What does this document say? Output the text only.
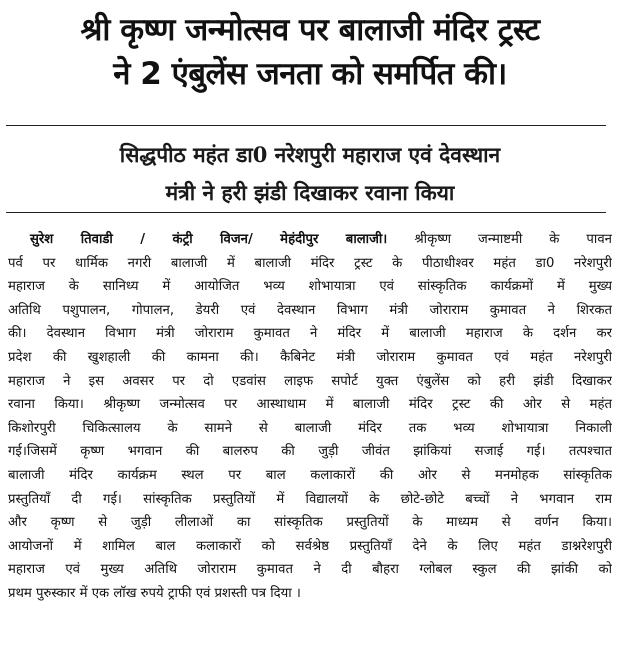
श्री कृष्ण जन्मोत्सव पर बालाजी मंदिर ट्रस्ट
ने 2 एंबुलेंस जनता को समर्पित की।
सिद्धपीठ महंत डा0 नरेशपुरी महाराज एवं देवस्थान
मंत्री ने हरी झंडी दिखाकर रवाना किया
सुरेश तिवाडी / कंट्री विजन/ मेहंदीपुर बालाजी। श्रीकृष्ण जन्माष्टमी के पावन
पर्व पर धार्मिक नगरी बालाजी में बालाजी मंदिर ट्रस्ट के पीठाधीश्वर महंत डा0 नरेशपुरी
महाराज के सानिध्य में आयोजित भव्य शोभायात्रा एवं सांस्कृतिक कार्यक्रमों में मुख्य
अतिथि पशुपालन, गोपालन, डेयरी एवं देवस्थान विभाग मंत्री जोराराम कुमावत ने शिरकत
की। देवस्थान विभाग मंत्री जोराराम कुमावत ने मंदिर में बालाजी महाराज के दर्शन कर
प्रदेश की खुशहाली की कामना की। कैबिनेट मंत्री जोराराम कुमावत एवं महंत नरेशपुरी
महाराज ने इस अवसर पर दो एडवांस लाइफ सपोर्ट युक्त एंबुलेंस को हरी झंडी दिखाकर
रवाना किया। श्रीकृष्ण जन्मोत्सव पर आस्थाधाम में बालाजी मंदिर ट्रस्ट की ओर से महंत
किशोरपुरी चिकित्सालय के सामने से बालाजी मंदिर तक भव्य शोभायात्रा निकाली
गई।जिसमें कृष्ण भगवान की बालरुप की जुड़ी जीवंत झांकियां सजाई गई। तत्पश्चात
बालाजी मंदिर कार्यक्रम स्थल पर बाल कलाकारों की ओर से मनमोहक सांस्कृतिक
प्रस्तुतियाँ दी गई। सांस्कृतिक प्रस्तुतियों में विद्यालयों के छोटे-छोटे बच्चों ने भगवान राम
और कृष्ण से जुड़ी लीलाओं का सांस्कृतिक प्रस्तुतियों के माध्यम से वर्णन किया।
आयोजनों में शामिल बाल कलाकारों को सर्वश्रेष्ठ प्रस्तुतियाँ देने के लिए महंत डाश्नरेशपुरी
महाराज एवं मुख्य अतिथि जोराराम कुमावत ने दी बौहरा ग्लोबल स्कुल की झांकी को
प्रथम पुरुस्कार में एक लॉख रुपये ट्राफी एवं प्रशस्ती पत्र दिया ।
